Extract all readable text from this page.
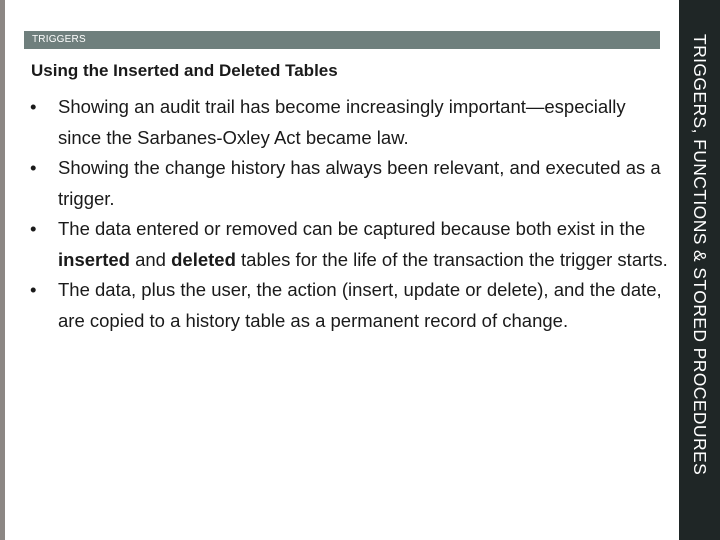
TRIGGERS	TRIGGERS, FUNCTIONS & STORED PROCEDURES
Using the Inserted and Deleted Tables
• Showing an audit trail has become increasingly important—especially since the Sarbanes-Oxley Act became law.
• Showing the change history has always been relevant, and executed as a trigger.
• The data entered or removed can be captured because both exist in the inserted and deleted tables for the life of the transaction the trigger starts.
• The data, plus the user, the action (insert, update or delete), and the date, are copied to a history table as a permanent record of change.
